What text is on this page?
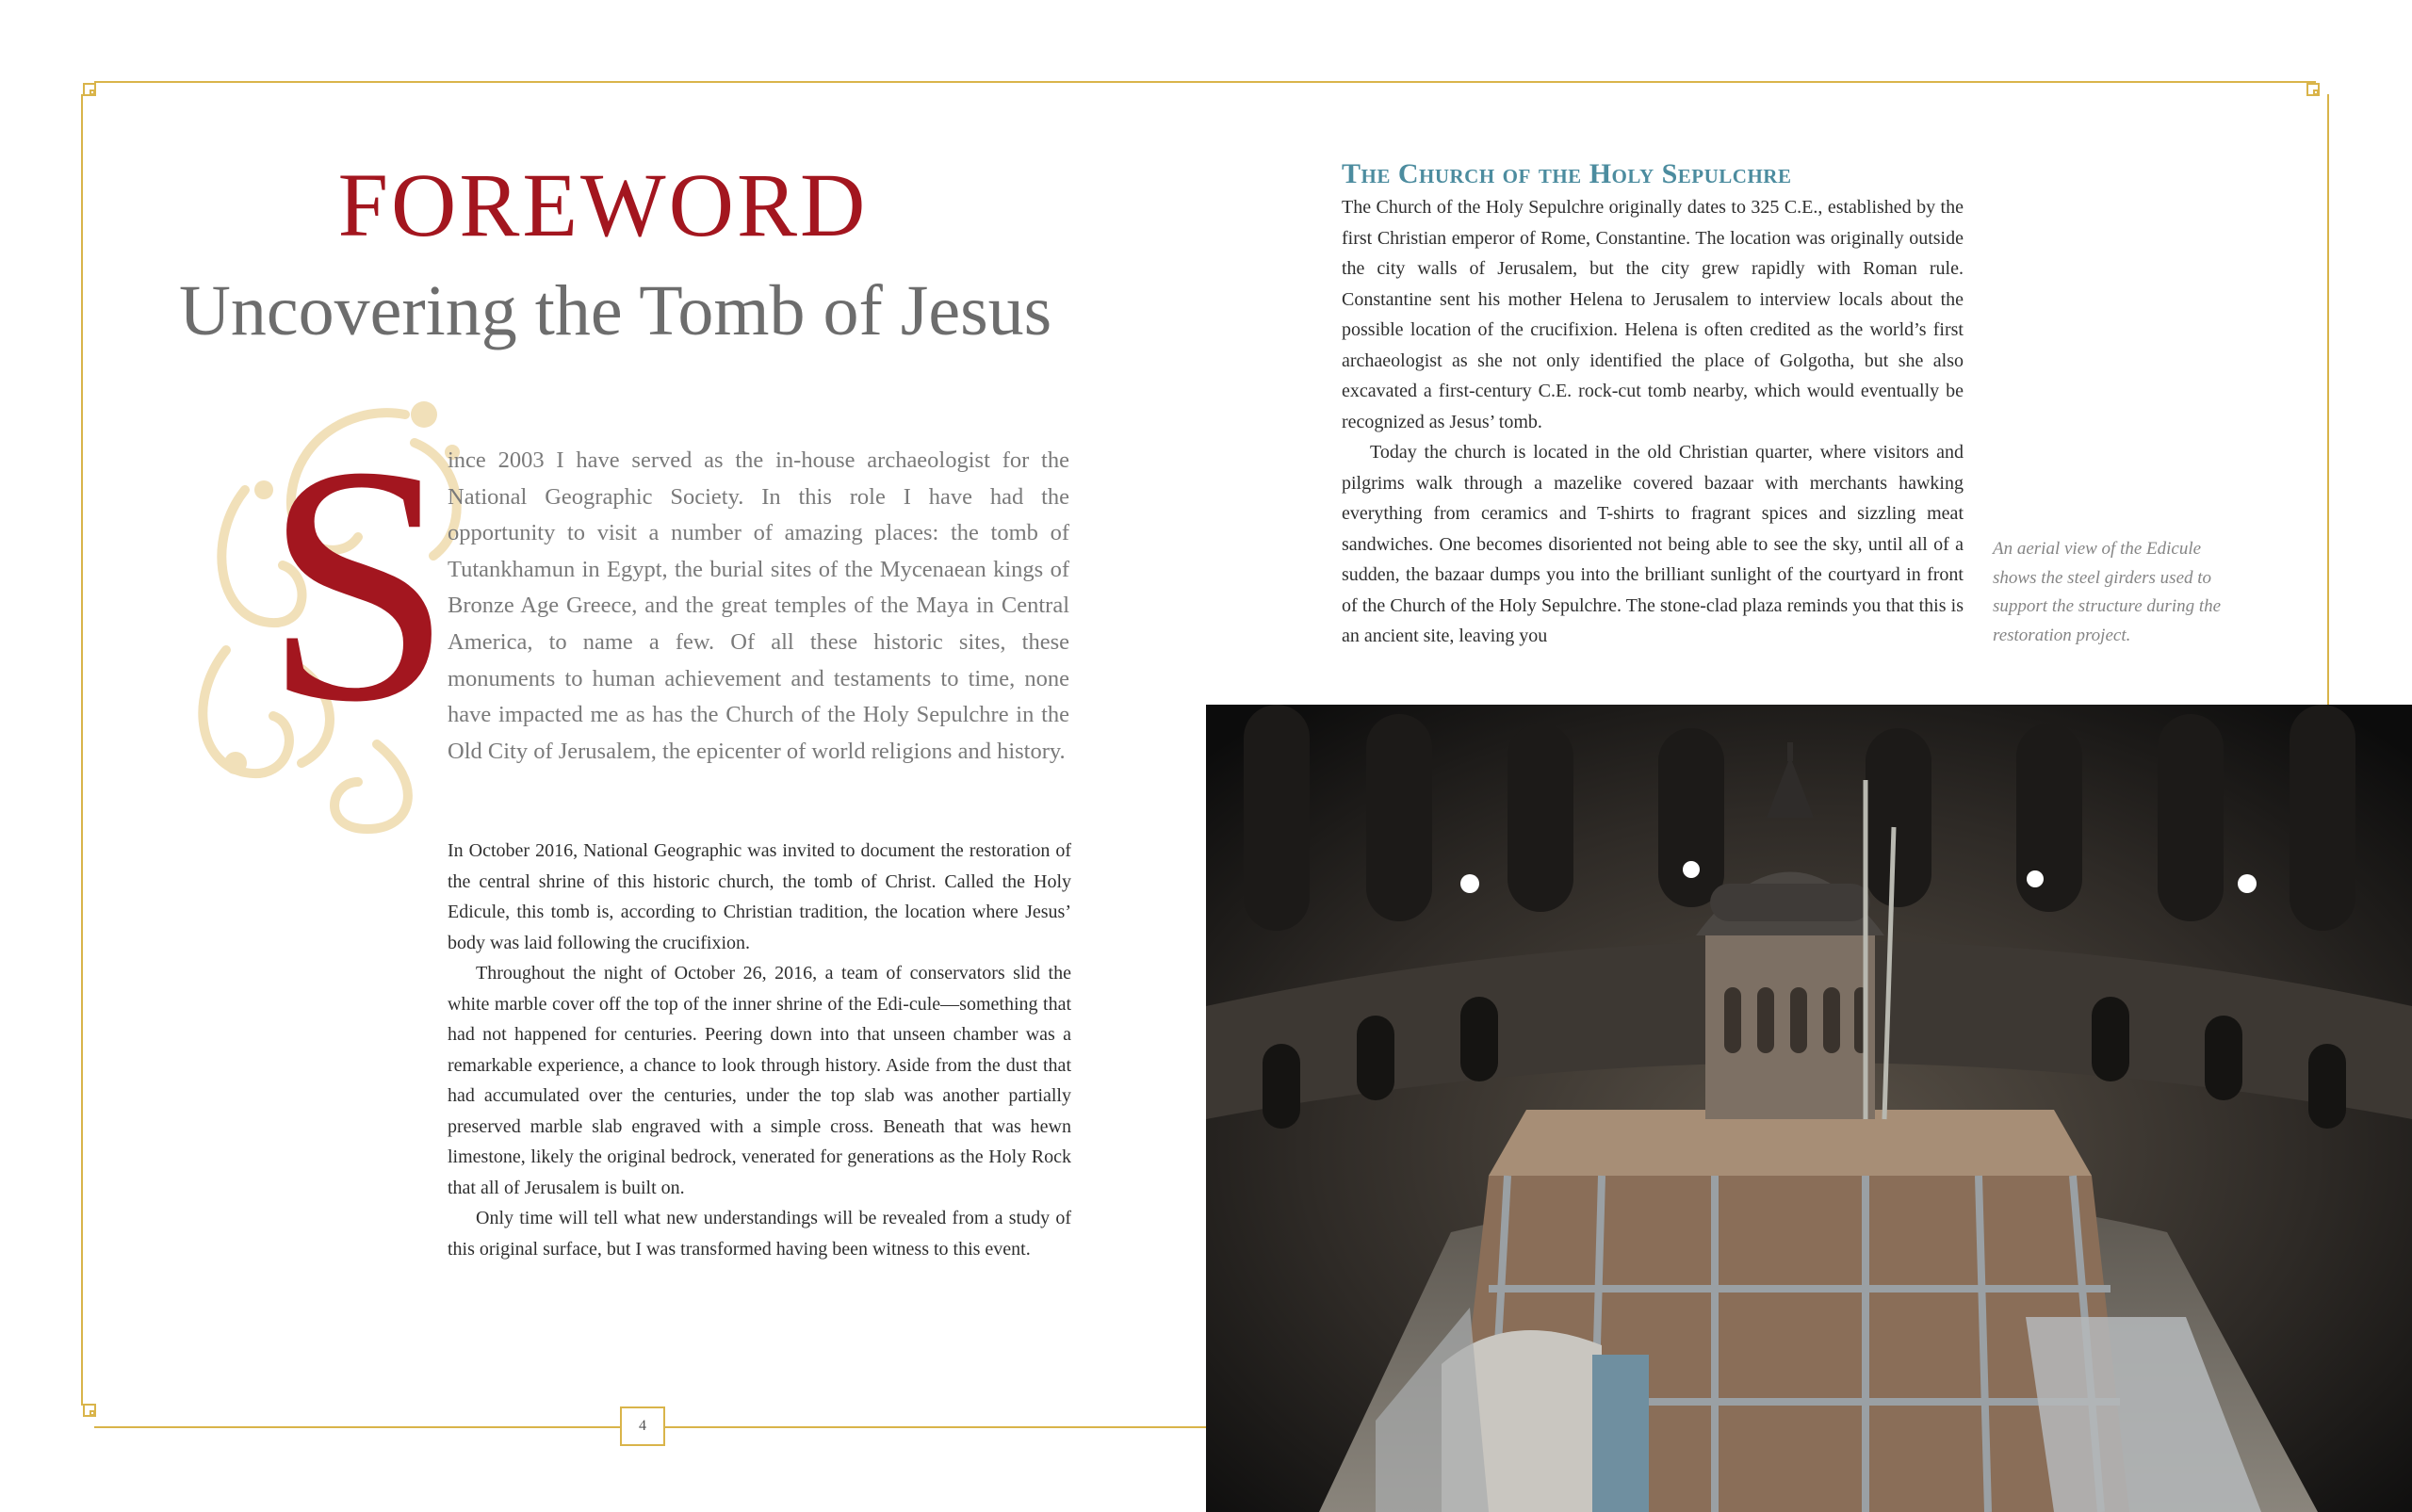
FOREWORD
Uncovering the Tomb of Jesus
S

ince 2003 I have served as the in-house archaeologist for the National Geographic Society. In this role I have had the opportunity to visit a number of amazing places: the tomb of Tutankhamun in Egypt, the burial sites of the Mycenaean kings of Bronze Age Greece, and the great temples of the Maya in Central America, to name a few. Of all these historic sites, these monuments to human achievement and testaments to time, none have impacted me as has the Church of the Holy Sepulchre in the Old City of Jerusalem, the epicenter of world religions and history.

In October 2016, National Geographic was invited to document the restoration of the central shrine of this historic church, the tomb of Christ. Called the Holy Edicule, this tomb is, according to Christian tradition, the location where Jesus’ body was laid following the crucifixion.

Throughout the night of October 26, 2016, a team of conservators slid the white marble cover off the top of the inner shrine of the Edi-cule—something that had not happened for centuries. Peering down into that unseen chamber was a remarkable experience, a chance to look through history. Aside from the dust that had accumulated over the centuries, under the top slab was another partially preserved marble slab engraved with a simple cross. Beneath that was hewn limestone, likely the original bedrock, venerated for generations as the Holy Rock that all of Jerusalem is built on.

Only time will tell what new understandings will be revealed from a study of this original surface, but I was transformed having been witness to this event.

4
The Church of the Holy Sepulchre

The Church of the Holy Sepulchre originally dates to 325 C.E., established by the first Christian emperor of Rome, Constantine. The location was originally outside the city walls of Jerusalem, but the city grew rapidly with Roman rule. Constantine sent his mother Helena to Jerusalem to interview locals about the possible location of the crucifixion. Helena is often credited as the world’s first archaeologist as she not only identified the place of Golgotha, but she also excavated a first-century C.E. rock-cut tomb nearby, which would eventually be recognized as Jesus’ tomb.

Today the church is located in the old Christian quarter, where visitors and pilgrims walk through a mazelike covered bazaar with merchants hawking everything from ceramics and T-shirts to fragrant spices and sizzling meat sandwiches. One becomes disoriented not being able to see the sky, until all of a sudden, the bazaar dumps you into the brilliant sunlight of the courtyard in front of the Church of the Holy Sepulchre. The stone-clad plaza reminds you that this is an ancient site, leaving you

An aerial view of the Edicule shows the steel girders used to support the structure during the restoration project.
